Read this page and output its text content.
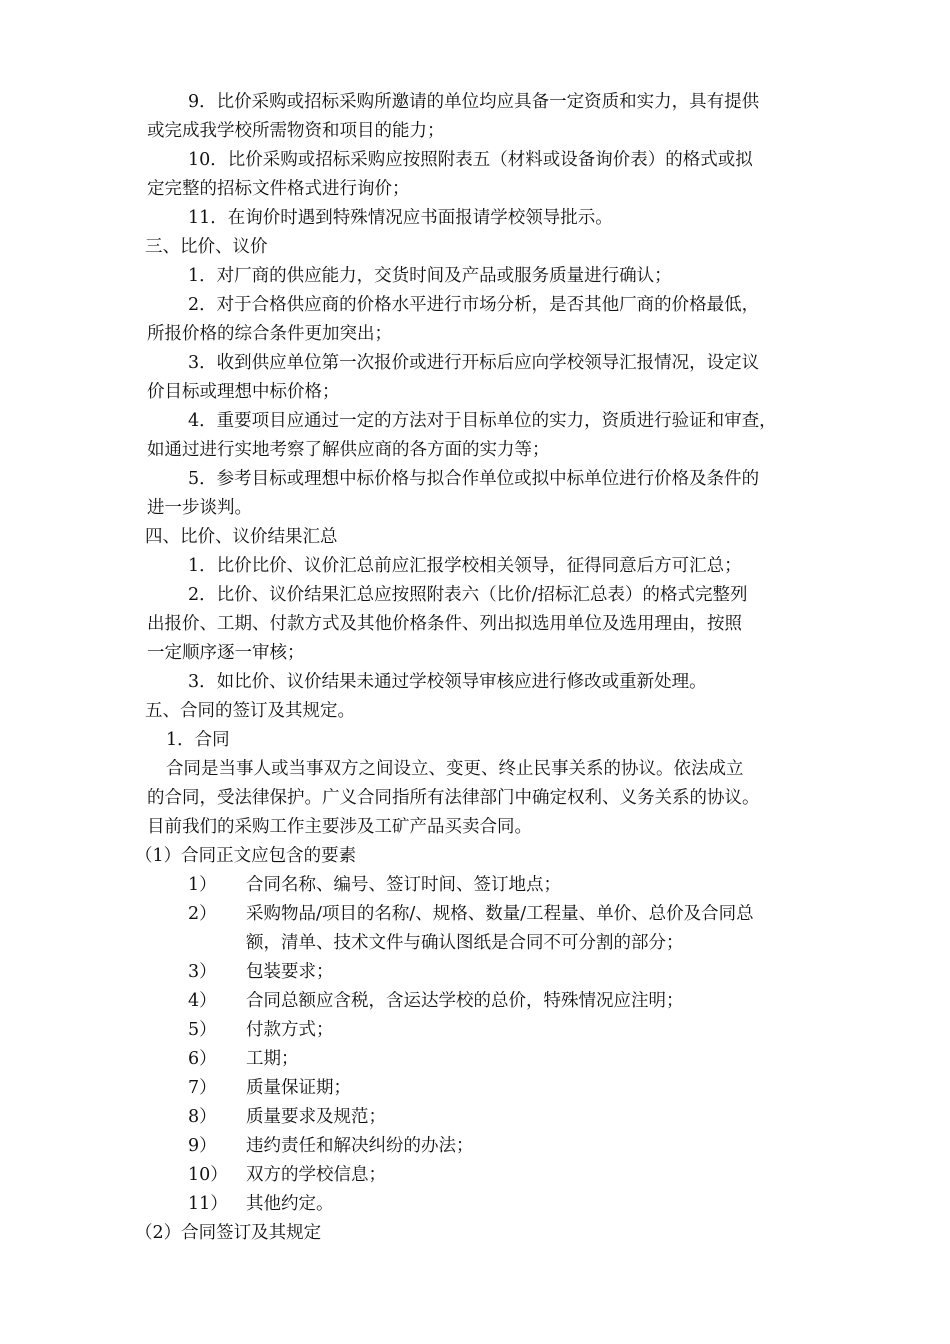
9．比价采购或招标采购所邀请的单位均应具备一定资质和实力，具有提供
或完成我学校所需物资和项目的能力；
10．比价采购或招标采购应按照附表五（材料或设备询价表）的格式或拟
定完整的招标文件格式进行询价；
11．在询价时遇到特殊情况应书面报请学校领导批示。
三、比价、议价
1．对厂商的供应能力，交货时间及产品或服务质量进行确认；
2．对于合格供应商的价格水平进行市场分析，是否其他厂商的价格最低，
所报价格的综合条件更加突出；
3．收到供应单位第一次报价或进行开标后应向学校领导汇报情况，设定议
价目标或理想中标价格；
4．重要项目应通过一定的方法对于目标单位的实力，资质进行验证和审查，
如通过进行实地考察了解供应商的各方面的实力等；
5．参考目标或理想中标价格与拟合作单位或拟中标单位进行价格及条件的
进一步谈判。
四、比价、议价结果汇总
1．比价比价、议价汇总前应汇报学校相关领导，征得同意后方可汇总；
2．比价、议价结果汇总应按照附表六（比价/招标汇总表）的格式完整列
出报价、工期、付款方式及其他价格条件、列出拟选用单位及选用理由，按照
一定顺序逐一审核；
3．如比价、议价结果未通过学校领导审核应进行修改或重新处理。
五、合同的签订及其规定。
1．合同
合同是当事人或当事双方之间设立、变更、终止民事关系的协议。依法成立
的合同，受法律保护。广义合同指所有法律部门中确定权利、义务关系的协议。
目前我们的采购工作主要涉及工矿产品买卖合同。
（1）合同正文应包含的要素
1） 合同名称、编号、签订时间、签订地点；
2） 采购物品/项目的名称/、规格、数量/工程量、单价、总价及合同总
额，清单、技术文件与确认图纸是合同不可分割的部分；
3） 包装要求；
4） 合同总额应含税，含运达学校的总价，特殊情况应注明；
5） 付款方式；
6） 工期；
7） 质量保证期；
8） 质量要求及规范；
9） 违约责任和解决纠纷的办法；
10） 双方的学校信息；
11） 其他约定。
（2）合同签订及其规定
